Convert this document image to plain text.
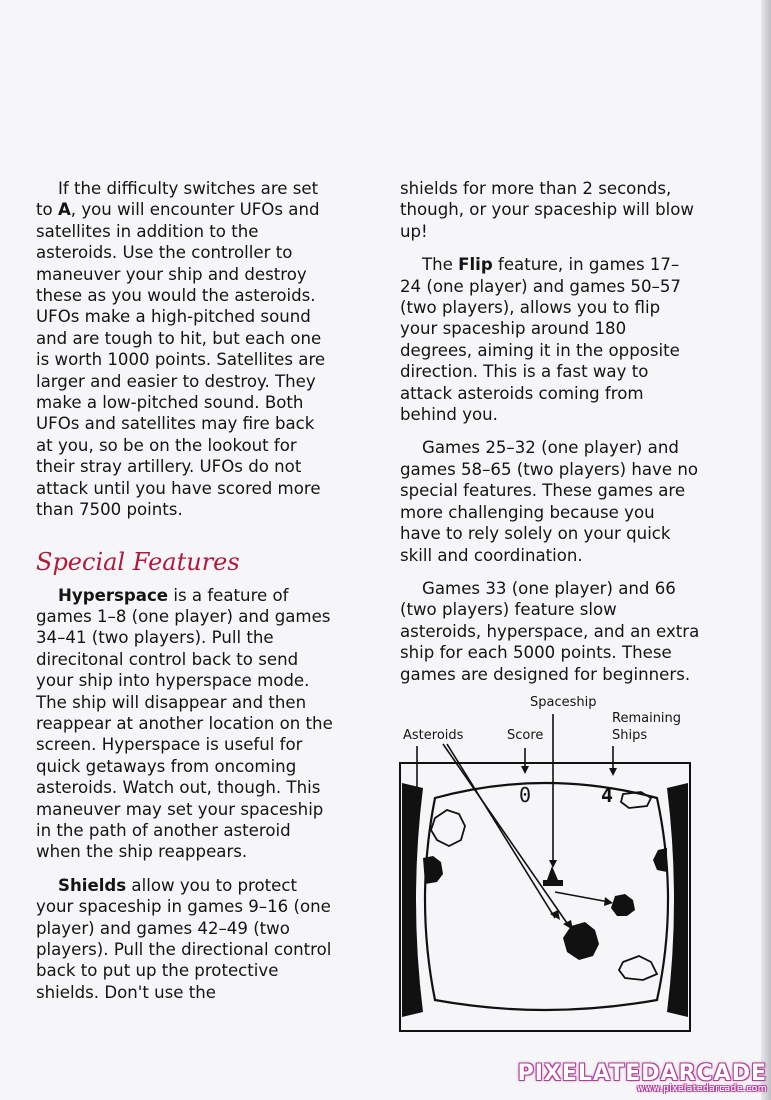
If the difficulty switches are set to A, you will encounter UFOs and satellites in addition to the asteroids. Use the controller to maneuver your ship and destroy these as you would the asteroids. UFOs make a high-pitched sound and are tough to hit, but each one is worth 1000 points. Satellites are larger and easier to destroy. They make a low-pitched sound. Both UFOs and satellites may fire back at you, so be on the lookout for their stray artillery. UFOs do not attack until you have scored more than 7500 points.

Special Features

Hyperspace is a feature of games 1–8 (one player) and games 34–41 (two players). Pull the direcitonal control back to send your ship into hyperspace mode. The ship will disappear and then reappear at another location on the screen. Hyperspace is useful for quick getaways from oncoming asteroids. Watch out, though. This maneuver may set your spaceship in the path of another asteroid when the ship reappears.

Shields allow you to protect your spaceship in games 9–16 (one player) and games 42–49 (two players). Pull the directional control back to put up the protective shields. Don't use the

shields for more than 2 seconds, though, or your spaceship will blow up!

The Flip feature, in games 17–24 (one player) and games 50–57 (two players), allows you to flip your spaceship around 180 degrees, aiming it in the opposite direction. This is a fast way to attack asteroids coming from behind you.

Games 25–32 (one player) and games 58–65 (two players) have no special features. These games are more challenging because you have to rely solely on your quick skill and coordination.

Games 33 (one player) and 66 (two players) feature slow asteroids, hyperspace, and an extra ship for each 5000 points. These games are designed for beginners.

Spaceship
Remaining
Ships
Asteroids	Score
0	4
PIXELATEDARCADE
www.pixelatedarcade.com
